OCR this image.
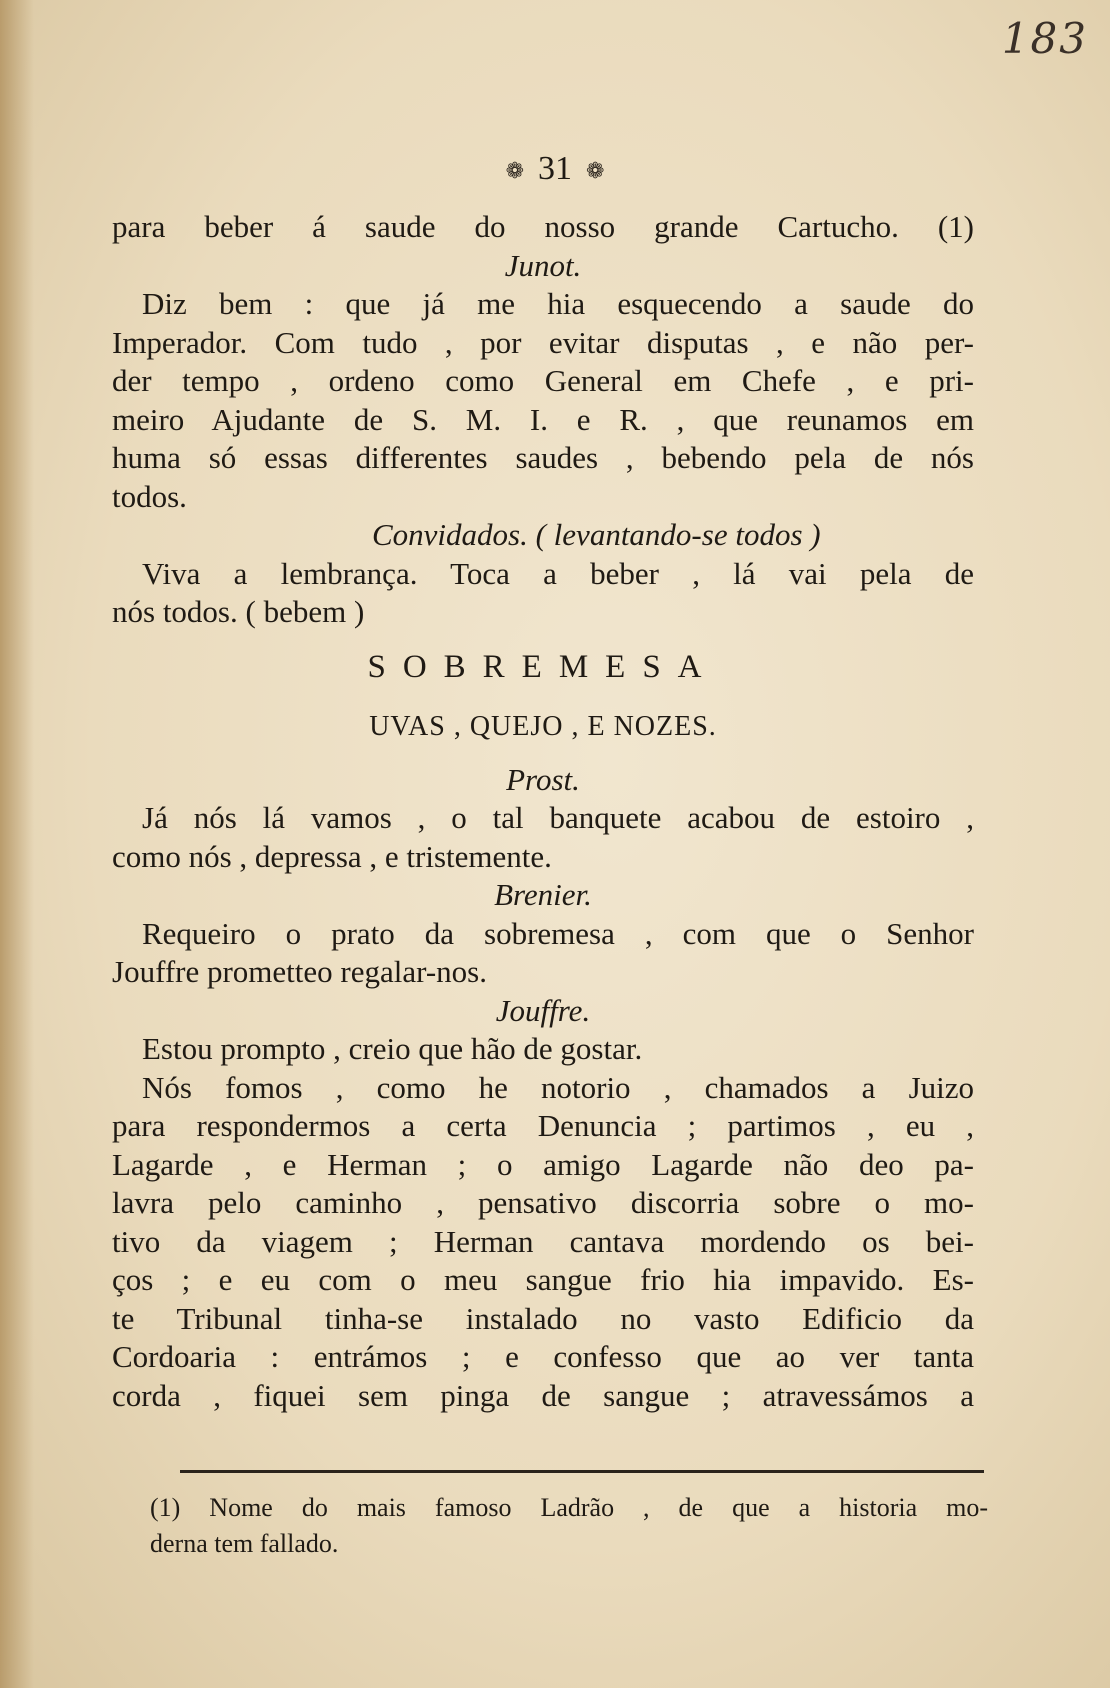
183
❁ 31 ❁
para beber á saude do nosso grande Cartucho. (1)
Junot.
Diz bem : que já me hia esquecendo a saude do
Imperador. Com tudo , por evitar disputas , e não per-
der tempo , ordeno como General em Chefe , e pri-
meiro Ajudante de S. M. I. e R. , que reunamos em
huma só essas differentes saudes , bebendo pela de nós
todos.
Convidados. ( levantando-se todos )
Viva a lembrança. Toca a beber , lá vai pela de
nós todos. ( bebem )
SOBREMESA
UVAS , QUEJO , E NOZES.
Prost.
Já nós lá vamos , o tal banquete acabou de estoiro ,
como nós , depressa , e tristemente.
Brenier.
Requeiro o prato da sobremesa , com que o Senhor
Jouffre prometteo regalar-nos.
Jouffre.
Estou prompto , creio que hão de gostar.
Nós fomos , como he notorio , chamados a Juizo
para respondermos a certa Denuncia ; partimos , eu ,
Lagarde , e Herman ; o amigo Lagarde não deo pa-
lavra pelo caminho , pensativo discorria sobre o mo-
tivo da viagem ; Herman cantava mordendo os bei-
ços ; e eu com o meu sangue frio hia impavido. Es-
te Tribunal tinha-se instalado no vasto Edificio da
Cordoaria : entrámos ; e confesso que ao ver tanta
corda , fiquei sem pinga de sangue ; atravessámos a
(1) Nome do mais famoso Ladrão , de que a historia mo-
derna tem fallado.
